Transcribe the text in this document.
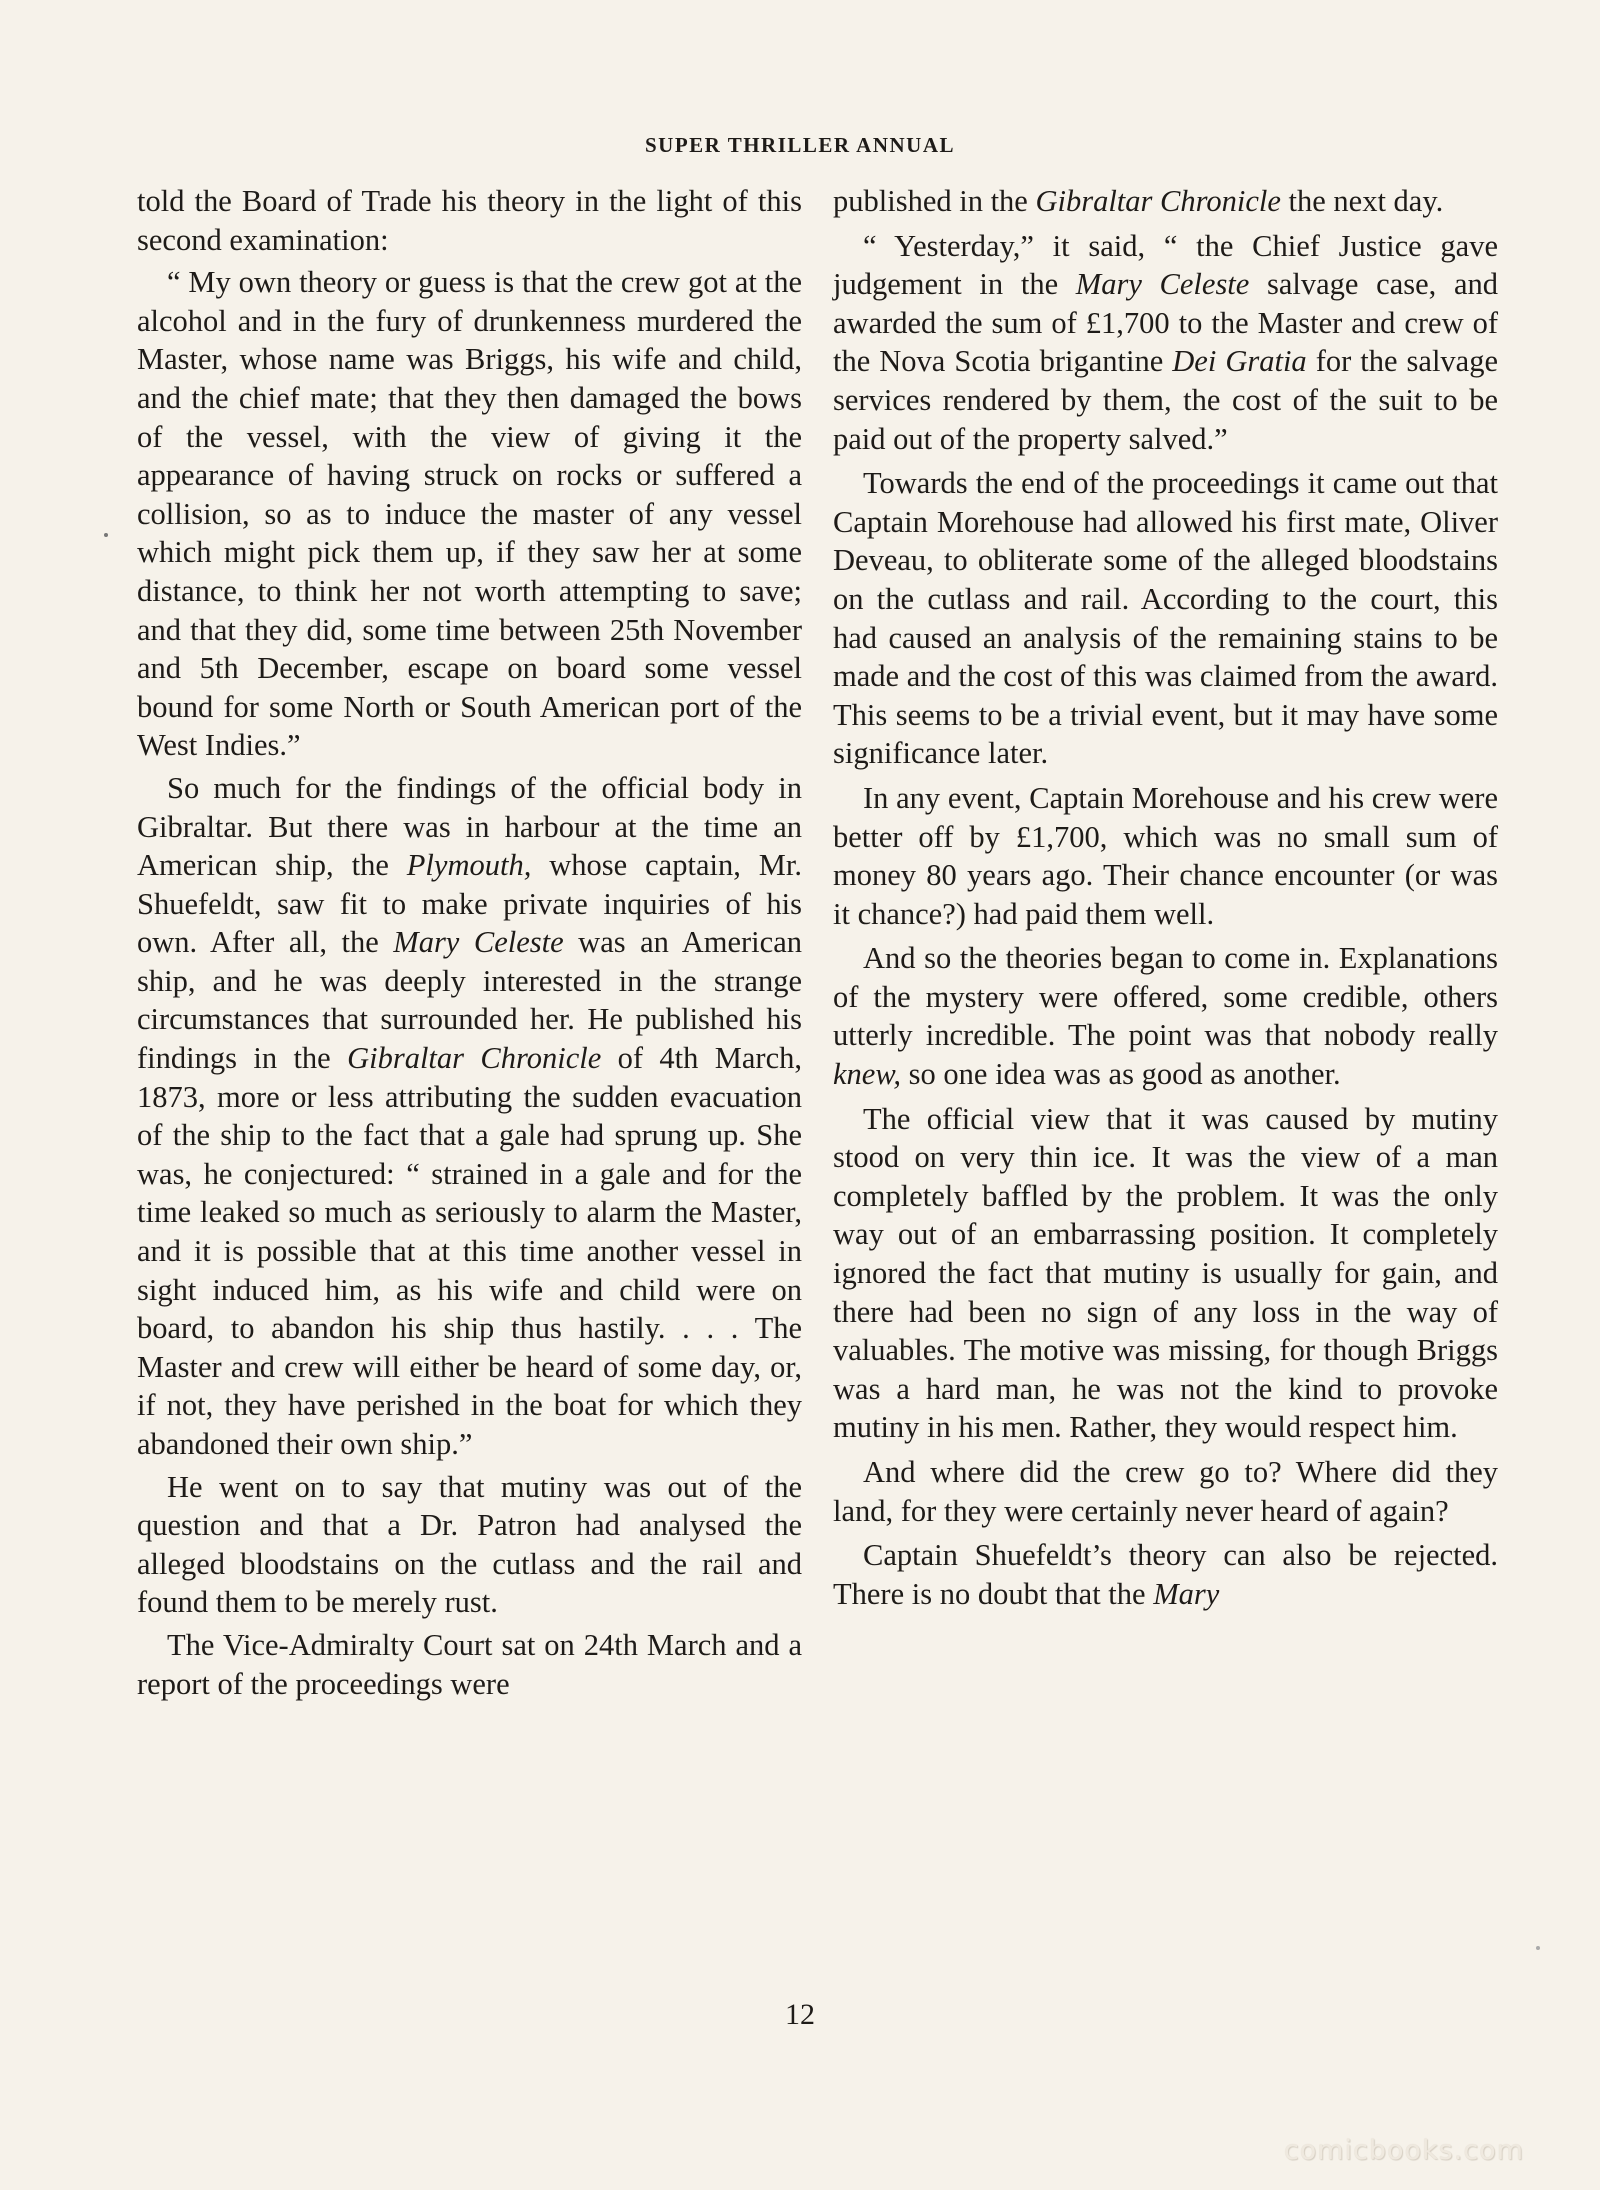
SUPER THRILLER ANNUAL

told the Board of Trade his theory in the light of this second examination:

“ My own theory or guess is that the crew got at the alcohol and in the fury of drunkenness murdered the Master, whose name was Briggs, his wife and child, and the chief mate; that they then damaged the bows of the vessel, with the view of giving it the appearance of having struck on rocks or suffered a collision, so as to induce the master of any vessel which might pick them up, if they saw her at some distance, to think her not worth attempting to save; and that they did, some time between 25th November and 5th December, escape on board some vessel bound for some North or South American port of the West Indies.”

So much for the findings of the official body in Gibraltar. But there was in harbour at the time an American ship, the Plymouth, whose captain, Mr. Shuefeldt, saw fit to make private inquiries of his own. After all, the Mary Celeste was an American ship, and he was deeply interested in the strange circumstances that surrounded her. He published his findings in the Gibraltar Chronicle of 4th March, 1873, more or less attributing the sudden evacuation of the ship to the fact that a gale had sprung up. She was, he conjectured: “ strained in a gale and for the time leaked so much as seriously to alarm the Master, and it is possible that at this time another vessel in sight induced him, as his wife and child were on board, to abandon his ship thus hastily. . . . The Master and crew will either be heard of some day, or, if not, they have perished in the boat for which they abandoned their own ship.”

He went on to say that mutiny was out of the question and that a Dr. Patron had analysed the alleged bloodstains on the cutlass and the rail and found them to be merely rust.

The Vice-Admiralty Court sat on 24th March and a report of the proceedings were

published in the Gibraltar Chronicle the next day.

“ Yesterday,” it said, “ the Chief Justice gave judgement in the Mary Celeste salvage case, and awarded the sum of £1,700 to the Master and crew of the Nova Scotia brigantine Dei Gratia for the salvage services rendered by them, the cost of the suit to be paid out of the property salved.”

Towards the end of the proceedings it came out that Captain Morehouse had allowed his first mate, Oliver Deveau, to obliterate some of the alleged bloodstains on the cutlass and rail. According to the court, this had caused an analysis of the remaining stains to be made and the cost of this was claimed from the award. This seems to be a trivial event, but it may have some significance later.

In any event, Captain Morehouse and his crew were better off by £1,700, which was no small sum of money 80 years ago. Their chance encounter (or was it chance?) had paid them well.

And so the theories began to come in. Explanations of the mystery were offered, some credible, others utterly incredible. The point was that nobody really knew, so one idea was as good as another.

The official view that it was caused by mutiny stood on very thin ice. It was the view of a man completely baffled by the problem. It was the only way out of an embarrassing position. It completely ignored the fact that mutiny is usually for gain, and there had been no sign of any loss in the way of valuables. The motive was missing, for though Briggs was a hard man, he was not the kind to provoke mutiny in his men. Rather, they would respect him.

And where did the crew go to? Where did they land, for they were certainly never heard of again?

Captain Shuefeldt’s theory can also be rejected. There is no doubt that the Mary

12
comicbooks.com
